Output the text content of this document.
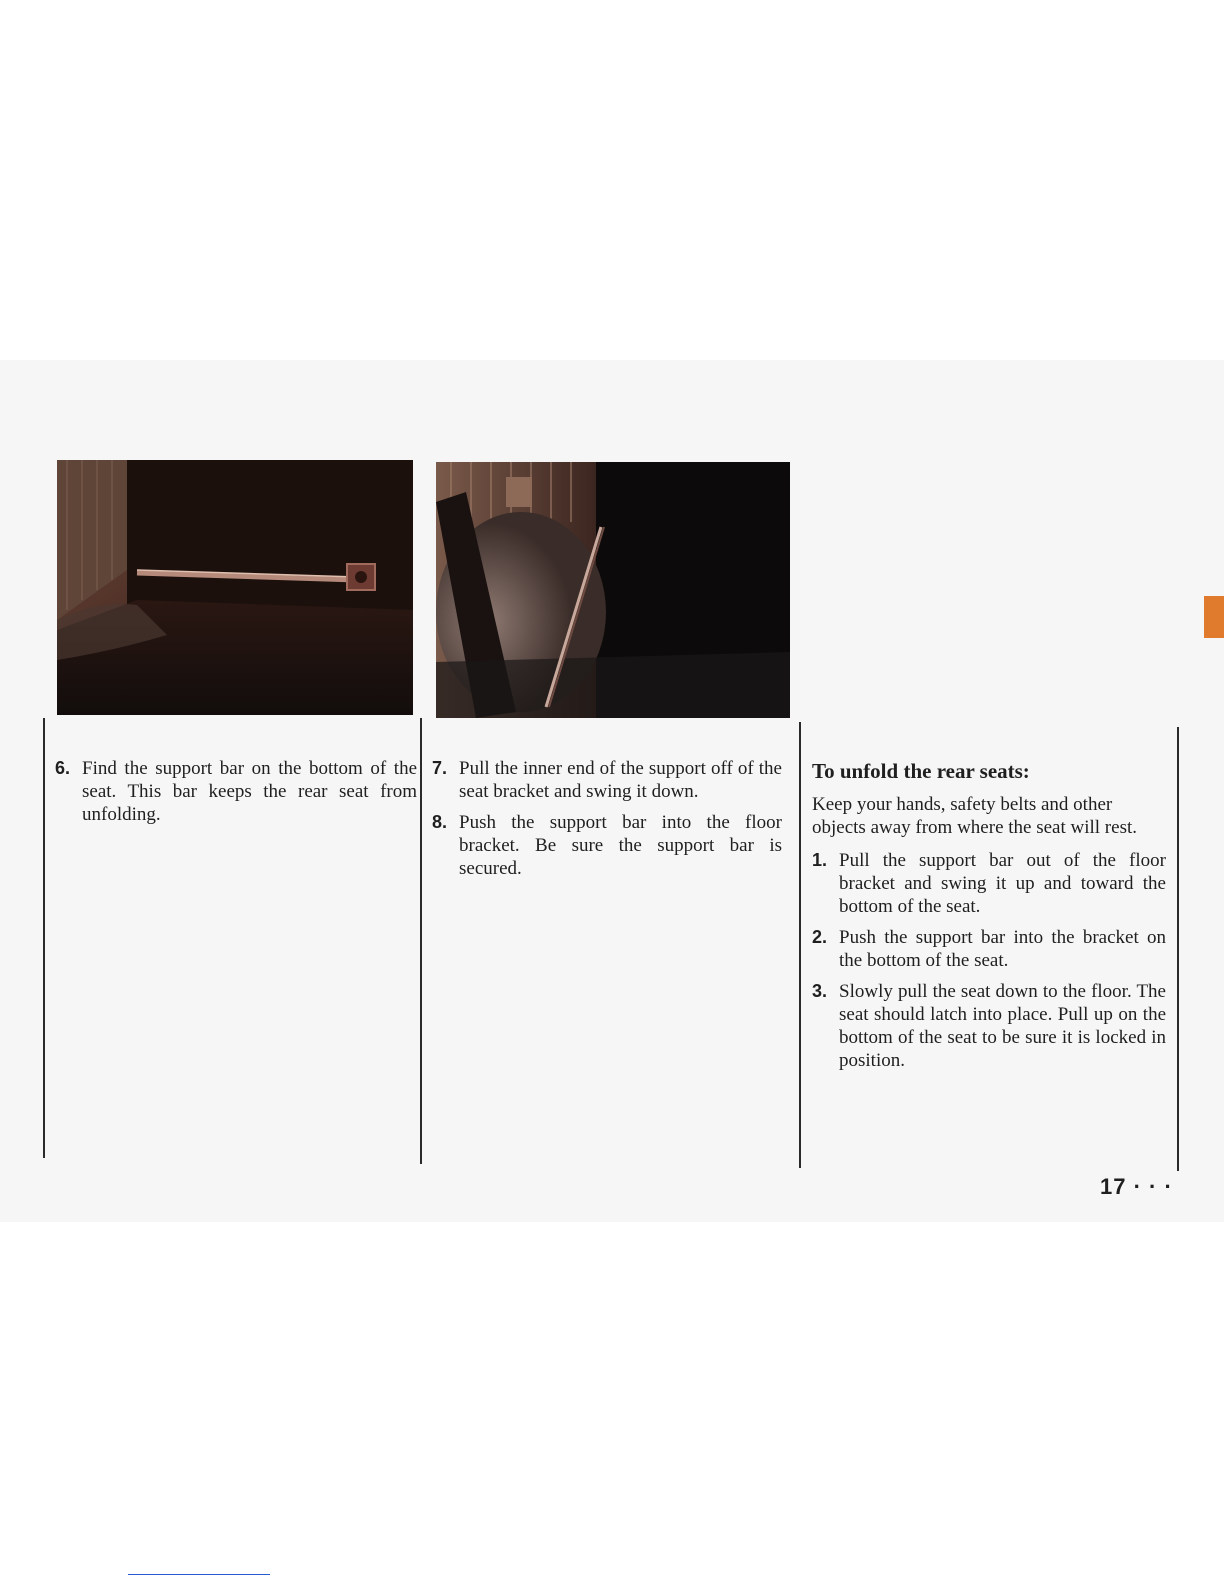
6. Find the support bar on the bottom of the seat. This bar keeps the rear seat from unfolding.
7. Pull the inner end of the support off of the seat bracket and swing it down.
8. Push the support bar into the floor bracket. Be sure the support bar is secured.

To unfold the rear seats:

Keep your hands, safety belts and other objects away from where the seat will rest.

1. Pull the support bar out of the floor bracket and swing it up and toward the bottom of the seat.
2. Push the support bar into the bracket on the bottom of the seat.
3. Slowly pull the seat down to the floor. The seat should latch into place. Pull up on the bottom of the seat to be sure it is locked in position.
17 · · ·
